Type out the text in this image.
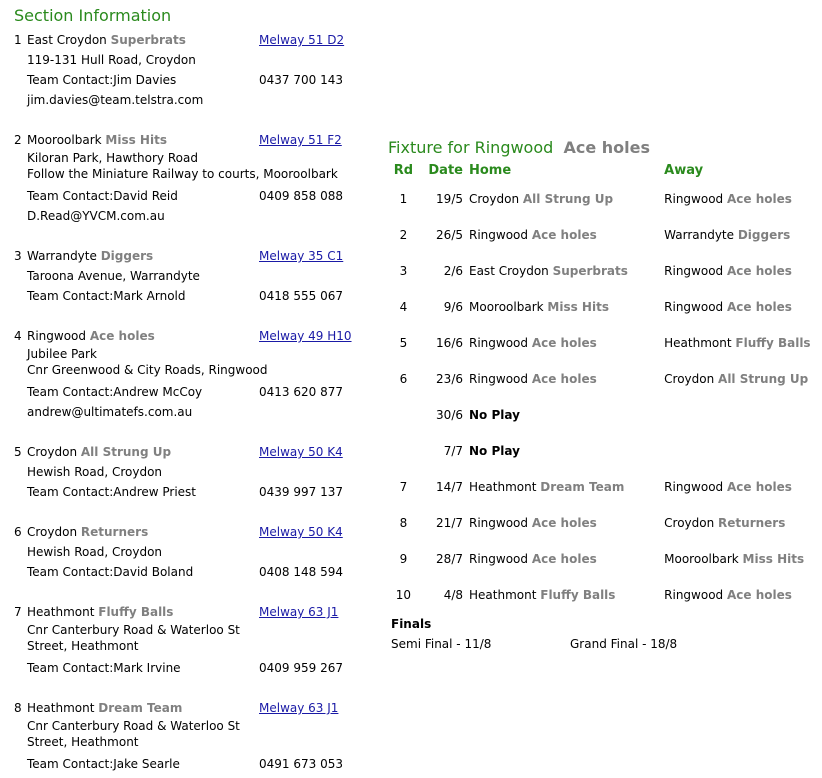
Section Information
1 East Croydon Superbrats	Melway 51 D2
119-131 Hull Road, Croydon
Team Contact:Jim Davies	0437 700 143
jim.davies@team.telstra.com
2 Mooroolbark Miss Hits	Melway 51 F2
Kiloran Park, Hawthory Road
Follow the Miniature Railway to courts, Mooroolbark
Team Contact:David Reid	0409 858 088
D.Read@YVCM.com.au
3 Warrandyte Diggers	Melway 35 C1
Taroona Avenue, Warrandyte
Team Contact:Mark Arnold	0418 555 067
4 Ringwood Ace holes	Melway 49 H10
Jubilee Park
Cnr Greenwood & City Roads, Ringwood
Team Contact:Andrew McCoy	0413 620 877
andrew@ultimatefs.com.au
5 Croydon All Strung Up	Melway 50 K4
Hewish Road, Croydon
Team Contact:Andrew Priest	0439 997 137
6 Croydon Returners	Melway 50 K4
Hewish Road, Croydon
Team Contact:David Boland	0408 148 594
7 Heathmont Fluffy Balls	Melway 63 J1
Cnr Canterbury Road & Waterloo St
Street, Heathmont
Team Contact:Mark Irvine	0409 959 267
8 Heathmont Dream Team	Melway 63 J1
Cnr Canterbury Road & Waterloo St
Street, Heathmont
Team Contact:Jake Searle	0491 673 053
Fixture for Ringwood Ace holes
Rd	Date	Home	Away
1	19/5	Croydon All Strung Up	Ringwood Ace holes
2	26/5	Ringwood Ace holes	Warrandyte Diggers
3	2/6	East Croydon Superbrats	Ringwood Ace holes
4	9/6	Mooroolbark Miss Hits	Ringwood Ace holes
5	16/6	Ringwood Ace holes	Heathmont Fluffy Balls
6	23/6	Ringwood Ace holes	Croydon All Strung Up
	30/6	No Play	
	7/7	No Play	
7	14/7	Heathmont Dream Team	Ringwood Ace holes
8	21/7	Ringwood Ace holes	Croydon Returners
9	28/7	Ringwood Ace holes	Mooroolbark Miss Hits
10	4/8	Heathmont Fluffy Balls	Ringwood Ace holes
Finals
Semi Final - 11/8	Grand Final - 18/8
